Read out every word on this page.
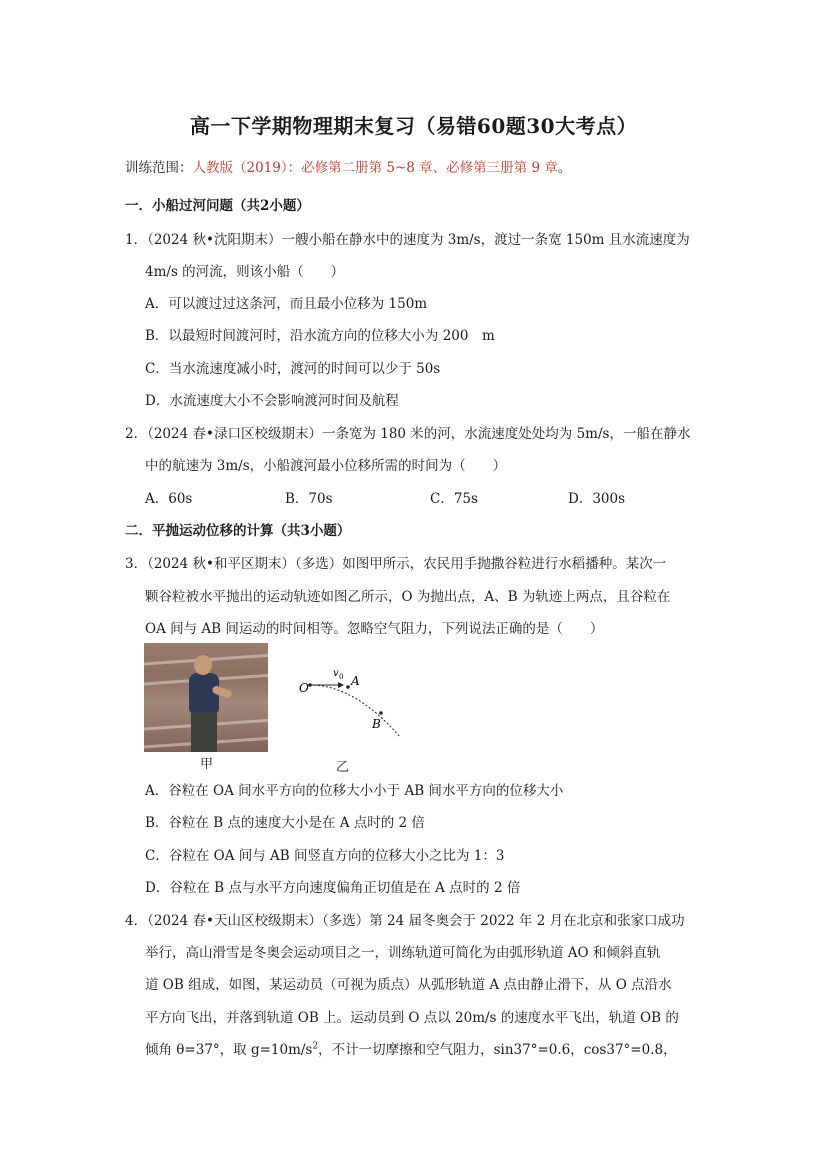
高一下学期物理期末复习（易错60题30大考点）
训练范围：人教版（2019）：必修第二册第 5~8 章、必修第三册第 9 章。
一．小船过河问题（共2小题）
1．（2024 秋•沈阳期末）一艘小船在静水中的速度为 3m/s，渡过一条宽 150m 且水流速度为
4m/s 的河流，则该小船（　　）
A．可以渡过过这条河，而且最小位移为 150m
B．以最短时间渡河时，沿水流方向的位移大小为 200　m
C．当水流速度减小时，渡河的时间可以少于 50s
D．水流速度大小不会影响渡河时间及航程
2．（2024 春•渌口区校级期末）一条宽为 180 米的河，水流速度处处均为 5m/s，一船在静水
中的航速为 3m/s，小船渡河最小位移所需的时间为（　　）
A．60s	B．70s	C．75s	D．300s
二．平抛运动位移的计算（共3小题）
3．（2024 秋•和平区期末）（多选）如图甲所示，农民用手抛撒谷粒进行水稻播种。某次一
颗谷粒被水平抛出的运动轨迹如图乙所示，O 为抛出点，A、B 为轨迹上两点，且谷粒在
OA 间与 AB 间运动的时间相等。忽略空气阻力，下列说法正确的是（　　）
甲
O	A
B
v 0
乙
A．谷粒在 OA 间水平方向的位移大小小于 AB 间水平方向的位移大小
B．谷粒在 B 点的速度大小是在 A 点时的 2 倍
C．谷粒在 OA 间与 AB 间竖直方向的位移大小之比为 1：3
D．谷粒在 B 点与水平方向速度偏角正切值是在 A 点时的 2 倍
4．（2024 春•天山区校级期末）（多选）第 24 届冬奥会于 2022 年 2 月在北京和张家口成功
举行，高山滑雪是冬奥会运动项目之一，训练轨道可简化为由弧形轨道 AO 和倾斜直轨
道 OB 组成，如图，某运动员（可视为质点）从弧形轨道 A 点由静止滑下，从 O 点沿水
平方向飞出，并落到轨道 OB 上。运动员到 O 点以 20m/s 的速度水平飞出，轨道 OB 的
倾角 θ=37°，取 $g=10m/s^2$，不计一切摩擦和空气阻力，sin37°=0.6，cos37°=0.8，
